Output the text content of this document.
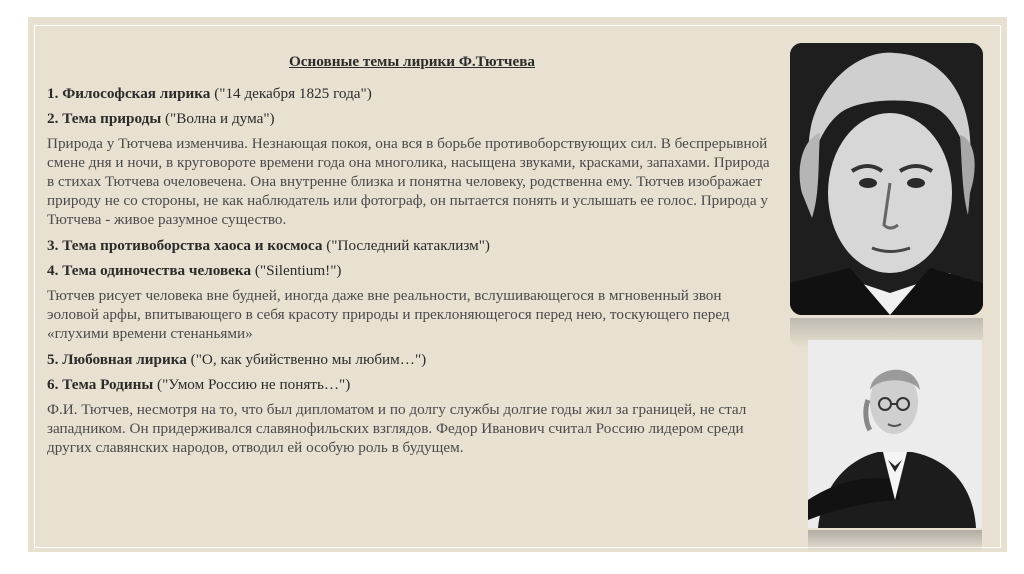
Основные темы лирики Ф.Тютчева

1. Философская лирика ("14 декабря 1825 года")

2. Тема природы ("Волна и дума")

Природа у Тютчева изменчива. Незнающая покоя, она вся в борьбе противоборствующих сил. В беспрерывной смене дня и ночи, в круговороте времени года она многолика, насыщена звуками, красками, запахами. Природа в стихах Тютчева очеловечена. Она внутренне близка и понятна человеку, родственна ему. Тютчев изображает природу не со стороны, не как наблюдатель или фотограф, он пытается понять и услышать ее голос. Природа у Тютчева - живое разумное существо.

3. Тема противоборства хаоса и космоса ("Последний катаклизм")

4. Тема одиночества человека ("Silentium!")

Тютчев рисует человека вне будней, иногда даже вне реальности, вслушивающегося в мгновенный звон эоловой арфы, впитывающего в себя красоту природы и преклоняющегося перед нею, тоскующего перед «глухими времени стенаньями»

5. Любовная лирика ("О, как убийственно мы любим…")

6. Тема Родины ("Умом Россию не понять…")

Ф.И. Тютчев, несмотря на то, что был дипломатом и по долгу службы долгие годы жил за границей, не стал западником. Он придерживался славянофильских взглядов. Федор Иванович считал Россию лидером среди других славянских народов, отводил ей особую роль в будущем.
